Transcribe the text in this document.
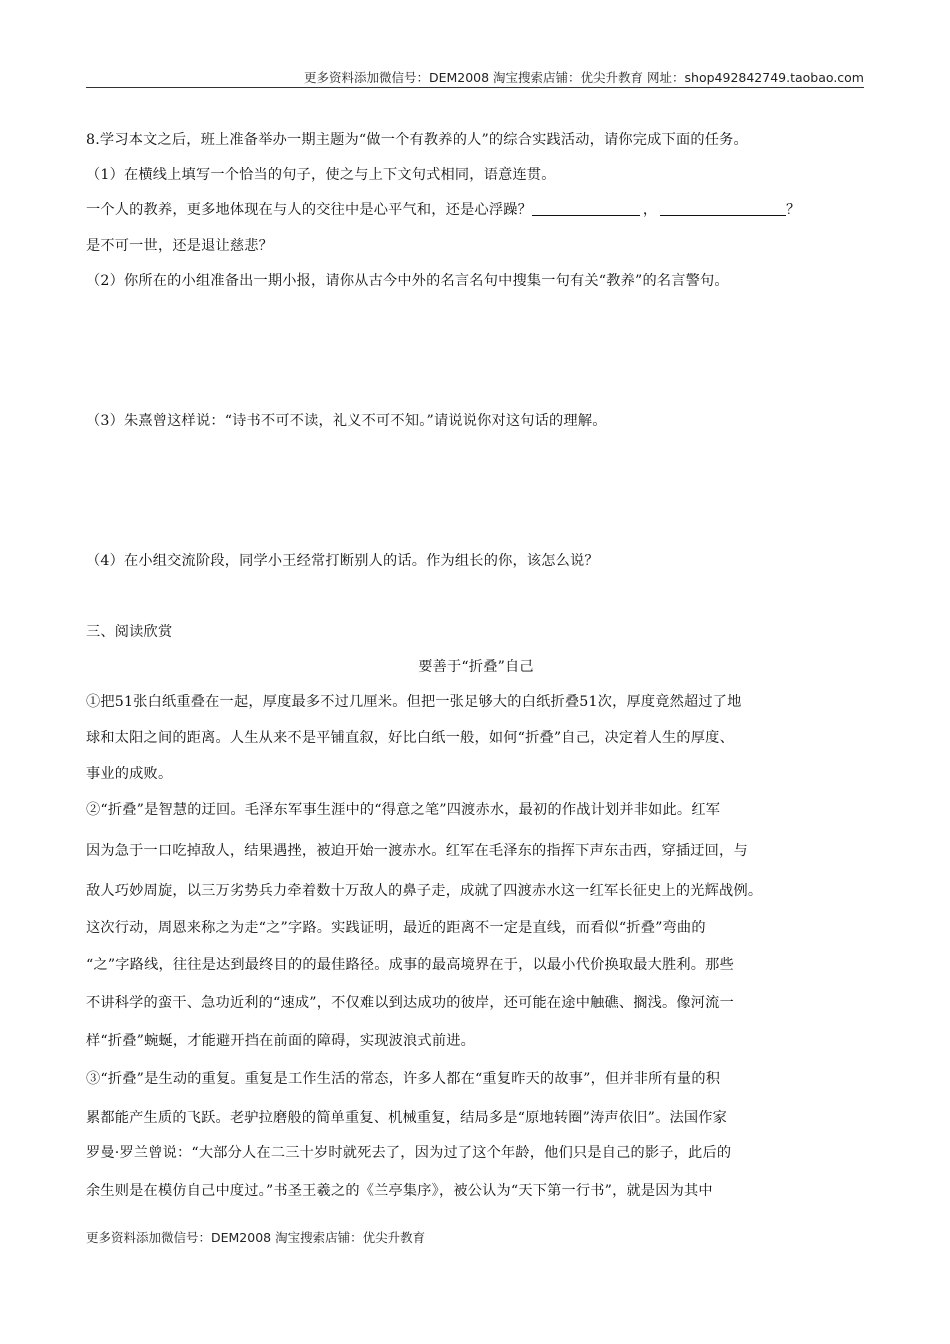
更多资料添加微信号：DEM2008 淘宝搜索店铺：优尖升教育 网址：shop492842749.taobao.com
8.学习本文之后，班上准备举办一期主题为“做一个有教养的人”的综合实践活动，请你完成下面的任务。
（1）在横线上填写一个恰当的句子，使之与上下文句式相同，语意连贯。
一个人的教养，更多地体现在与人的交往中是心平气和，还是心浮躁？	，	？
是不可一世，还是退让慈悲？
（2）你所在的小组准备出一期小报，请你从古今中外的名言名句中搜集一句有关“教养”的名言警句。
（3）朱熹曾这样说：“诗书不可不读，礼义不可不知。”请说说你对这句话的理解。
（4）在小组交流阶段，同学小王经常打断别人的话。作为组长的你，该怎么说？
三、阅读欣赏
要善于“折叠”自己
①把51张白纸重叠在一起，厚度最多不过几厘米。但把一张足够大的白纸折叠51次，厚度竟然超过了地
球和太阳之间的距离。人生从来不是平铺直叙，好比白纸一般，如何“折叠”自己，决定着人生的厚度、
事业的成败。
②“折叠”是智慧的迂回。毛泽东军事生涯中的“得意之笔”四渡赤水，最初的作战计划并非如此。红军
因为急于一口吃掉敌人，结果遇挫，被迫开始一渡赤水。红军在毛泽东的指挥下声东击西，穿插迂回，与
敌人巧妙周旋，以三万劣势兵力牵着数十万敌人的鼻子走，成就了四渡赤水这一红军长征史上的光辉战例。
这次行动，周恩来称之为走“之”字路。实践证明，最近的距离不一定是直线，而看似“折叠”弯曲的
“之”字路线，往往是达到最终目的的最佳路径。成事的最高境界在于，以最小代价换取最大胜利。那些
不讲科学的蛮干、急功近利的“速成”，不仅难以到达成功的彼岸，还可能在途中触礁、搁浅。像河流一
样“折叠”蜿蜒，才能避开挡在前面的障碍，实现波浪式前进。
③“折叠”是生动的重复。重复是工作生活的常态，许多人都在“重复昨天的故事”，但并非所有量的积
累都能产生质的飞跃。老驴拉磨般的简单重复、机械重复，结局多是“原地转圈”涛声依旧”。法国作家
罗曼·罗兰曾说：“大部分人在二三十岁时就死去了，因为过了这个年龄，他们只是自己的影子，此后的
余生则是在模仿自己中度过。”书圣王羲之的《兰亭集序》，被公认为“天下第一行书”，就是因为其中
更多资料添加微信号：DEM2008 淘宝搜索店铺：优尖升教育
